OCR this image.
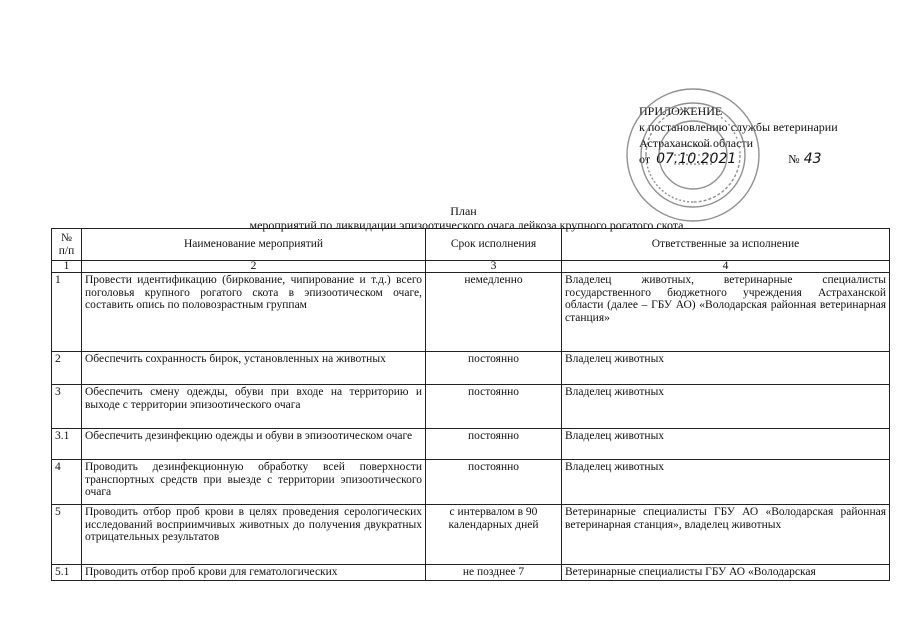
ПРИЛОЖЕНИЕ
к постановлению службы ветеринарии
Астраханской области
от 07.10.2021	№ 43
План
мероприятий по ликвидации эпизоотического очага лейкоза крупного рогатого скота
№ п/п	Наименование мероприятий	Срок исполнения	Ответственные за исполнение
1	2	3	4
1	Провести идентификацию (биркование, чипирование и т.д.) всего поголовья крупного рогатого скота в эпизоотическом очаге, составить опись по половозрастным группам	немедленно	Владелец животных, ветеринарные специалисты государственного бюджетного учреждения Астраханской области (далее – ГБУ АО) «Володарская районная ветеринарная станция»
2	Обеспечить сохранность бирок, установленных на животных	постоянно	Владелец животных
3	Обеспечить смену одежды, обуви при входе на территорию и выходе с территории эпизоотического очага	постоянно	Владелец животных
3.1	Обеспечить дезинфекцию одежды и обуви в эпизоотическом очаге	постоянно	Владелец животных
4	Проводить дезинфекционную обработку всей поверхности транспортных средств при выезде с территории эпизоотического очага	постоянно	Владелец животных
5	Проводить отбор проб крови в целях проведения серологических исследований восприимчивых животных до получения двукратных отрицательных результатов	с интервалом в 90 календарных дней	Ветеринарные специалисты ГБУ АО «Володарская районная ветеринарная станция», владелец животных
5.1	Проводить отбор проб крови для гематологических	не позднее 7	Ветеринарные специалисты ГБУ АО «Володарская
